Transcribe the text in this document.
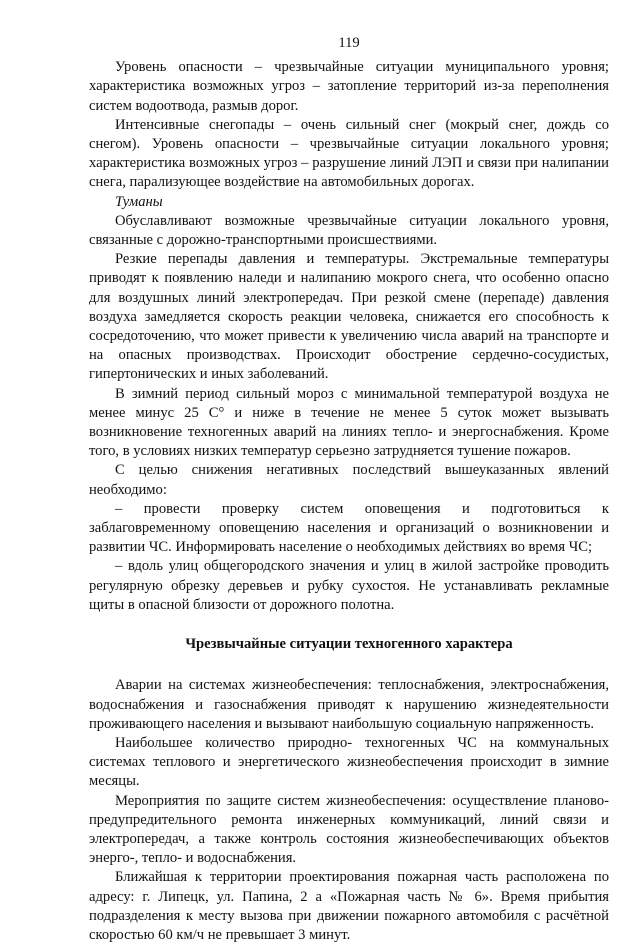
119

Уровень опасности – чрезвычайные ситуации муниципального уровня; характеристика возможных угроз – затопление территорий из-за переполнения систем водоотвода, размыв дорог.

Интенсивные снегопады – очень сильный снег (мокрый снег, дождь со снегом). Уровень опасности – чрезвычайные ситуации локального уровня; характеристика возможных угроз – разрушение линий ЛЭП и связи при налипании снега, парализующее воздействие на автомобильных дорогах.

Туманы

Обуславливают возможные чрезвычайные ситуации локального уровня, связанные с дорожно-транспортными происшествиями.

Резкие перепады давления и температуры. Экстремальные температуры приводят к появлению наледи и налипанию мокрого снега, что особенно опасно для воздушных линий электропередач. При резкой смене (перепаде) давления воздуха замедляется скорость реакции человека, снижается его способность к сосредоточению, что может привести к увеличению числа аварий на транспорте и на опасных производствах. Происходит обострение сердечно-сосудистых, гипертонических и иных заболеваний.

В зимний период сильный мороз с минимальной температурой воздуха не менее минус 25 С° и ниже в течение не менее 5 суток может вызывать возникновение техногенных аварий на линиях тепло- и энергоснабжения. Кроме того, в условиях низких температур серьезно затрудняется тушение пожаров.

С целью снижения негативных последствий вышеуказанных явлений необходимо:

– провести проверку систем оповещения и подготовиться к заблаговременному оповещению населения и организаций о возникновении и развитии ЧС. Информировать население о необходимых действиях во время ЧС;

– вдоль улиц общегородского значения и улиц в жилой застройке проводить регулярную обрезку деревьев и рубку сухостоя. Не устанавливать рекламные щиты в опасной близости от дорожного полотна.

Чрезвычайные ситуации техногенного характера

Аварии на системах жизнеобеспечения: теплоснабжения, электроснабжения, водоснабжения и газоснабжения приводят к нарушению жизнедеятельности проживающего населения и вызывают наибольшую социальную напряженность.

Наибольшее количество природно- техногенных ЧС на коммунальных системах теплового и энергетического жизнеобеспечения происходит в зимние месяцы.

Мероприятия по защите систем жизнеобеспечения: осуществление планово-предупредительного ремонта инженерных коммуникаций, линий связи и электропередач, а также контроль состояния жизнеобеспечивающих объектов энерго-, тепло- и водоснабжения.

Ближайшая к территории проектирования пожарная часть расположена по адресу: г. Липецк, ул. Папина, 2 а «Пожарная часть № 6». Время прибытия подразделения к месту вызова при движении пожарного автомобиля с расчётной скоростью 60 км/ч не превышает 3 минут.
